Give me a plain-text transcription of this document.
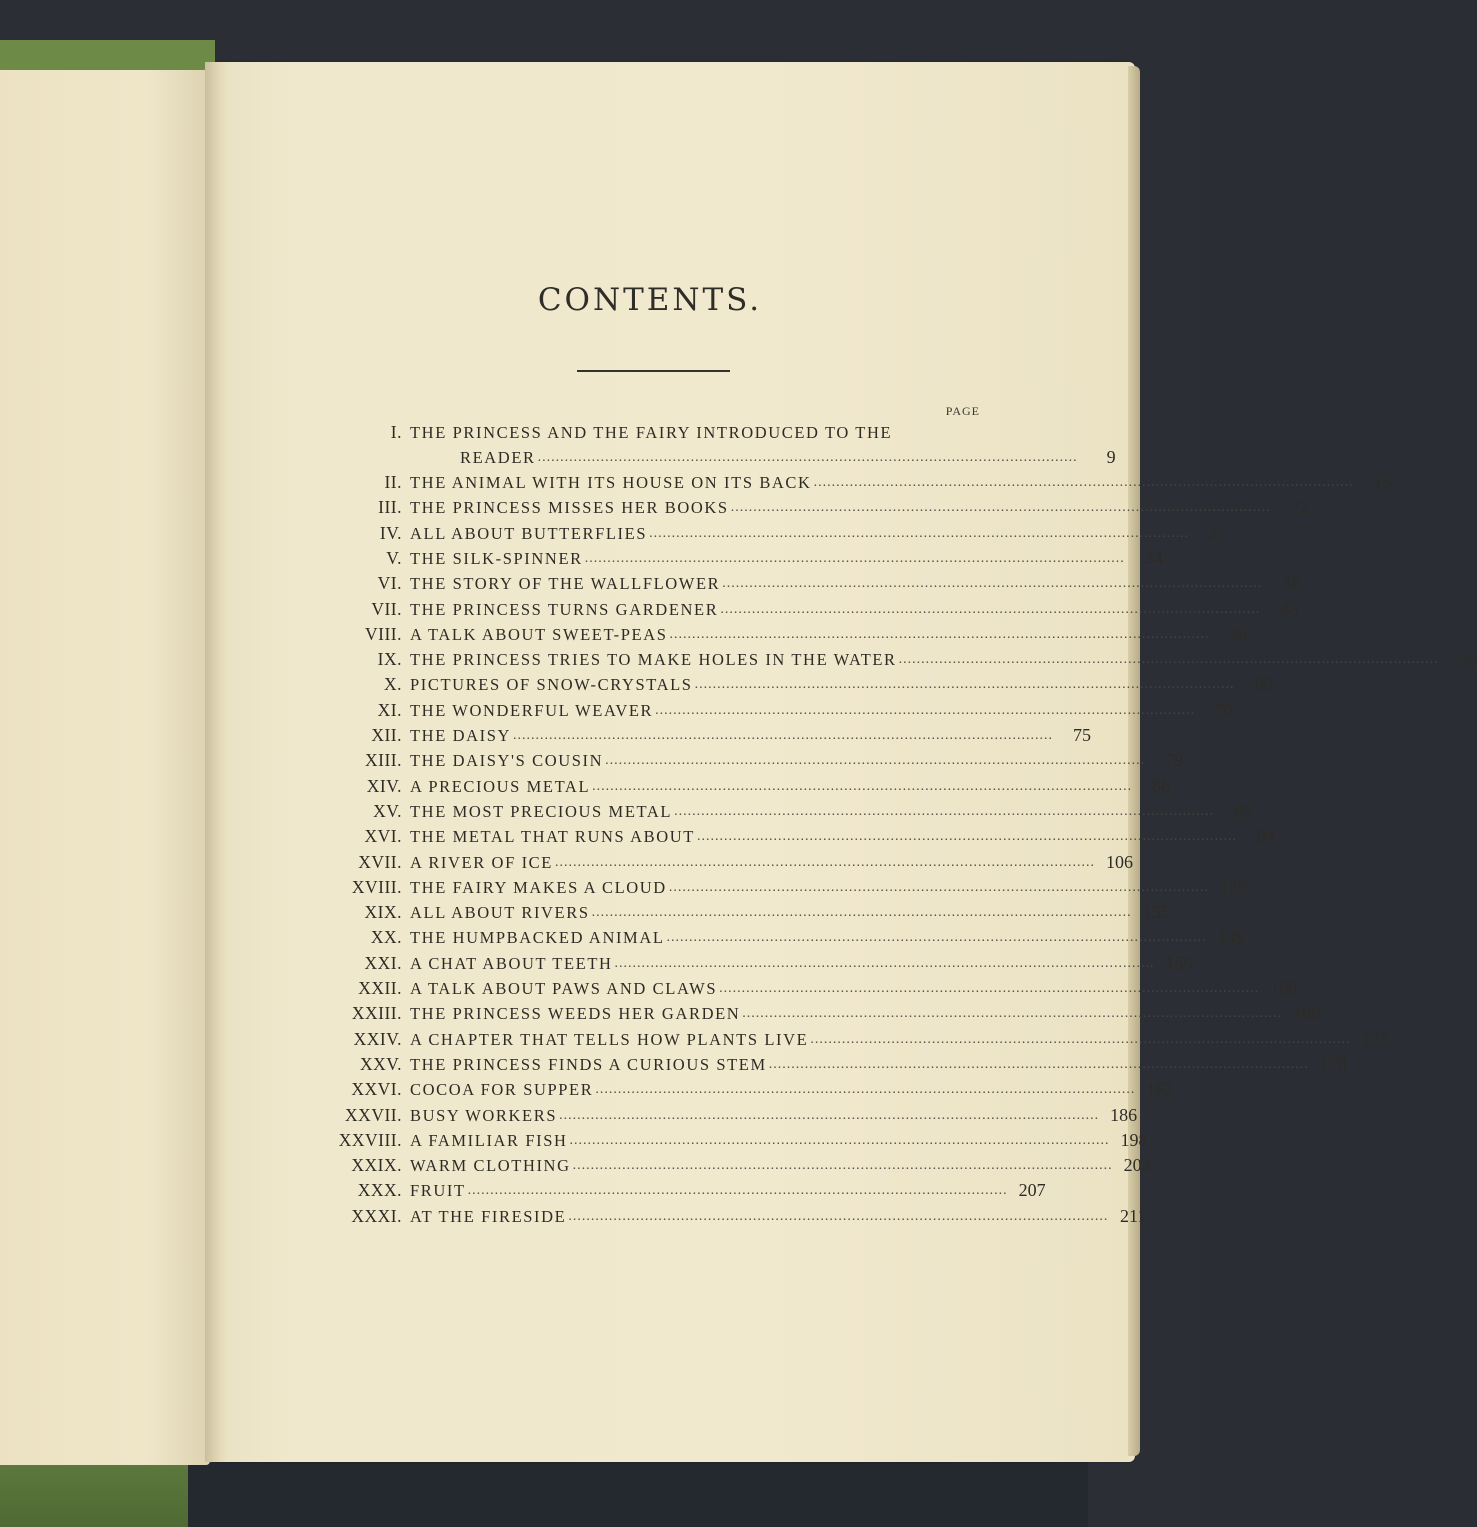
CONTENTS.
PAGE
I. THE PRINCESS AND THE FAIRY INTRODUCED TO THE
READER ........................................................................................................................	9
II. THE ANIMAL WITH ITS HOUSE ON ITS BACK ........................................................................................................................	15
III. THE PRINCESS MISSES HER BOOKS ........................................................................................................................	22
IV. ALL ABOUT BUTTERFLIES ........................................................................................................................	27
V. THE SILK-SPINNER ........................................................................................................................	34
VI. THE STORY OF THE WALLFLOWER ........................................................................................................................	38
VII. THE PRINCESS TURNS GARDENER ........................................................................................................................	43
VIII. A TALK ABOUT SWEET-PEAS ........................................................................................................................	46
IX. THE PRINCESS TRIES TO MAKE HOLES IN THE WATER ........................................................................................................................	56
X. PICTURES OF SNOW-CRYSTALS ........................................................................................................................	66
XI. THE WONDERFUL WEAVER ........................................................................................................................	70
XII. THE DAISY ........................................................................................................................	75
XIII. THE DAISY'S COUSIN ........................................................................................................................	79
XIV. A PRECIOUS METAL ........................................................................................................................	86
XV. THE MOST PRECIOUS METAL ........................................................................................................................	89
XVI. THE METAL THAT RUNS ABOUT ........................................................................................................................	94
XVII. A RIVER OF ICE ........................................................................................................................ 106
XVIII. THE FAIRY MAKES A CLOUD ........................................................................................................................ 120
XIX. ALL ABOUT RIVERS ........................................................................................................................ 135
XX. THE HUMPBACKED ANIMAL ........................................................................................................................ 149
XXI. A CHAT ABOUT TEETH ........................................................................................................................ 156
XXII. A TALK ABOUT PAWS AND CLAWS ........................................................................................................................ 160
XXIII. THE PRINCESS WEEDS HER GARDEN ........................................................................................................................ 168
XXIV. A CHAPTER THAT TELLS HOW PLANTS LIVE ........................................................................................................................ 173
XXV. THE PRINCESS FINDS A CURIOUS STEM ........................................................................................................................ 178
XXVI. COCOA FOR SUPPER ........................................................................................................................ 182
XXVII. BUSY WORKERS ........................................................................................................................ 186
XXVIII. A FAMILIAR FISH ........................................................................................................................ 198
XXIX. WARM CLOTHING ........................................................................................................................ 203
XXX. FRUIT ........................................................................................................................ 207
XXXI. AT THE FIRESIDE ........................................................................................................................ 211
